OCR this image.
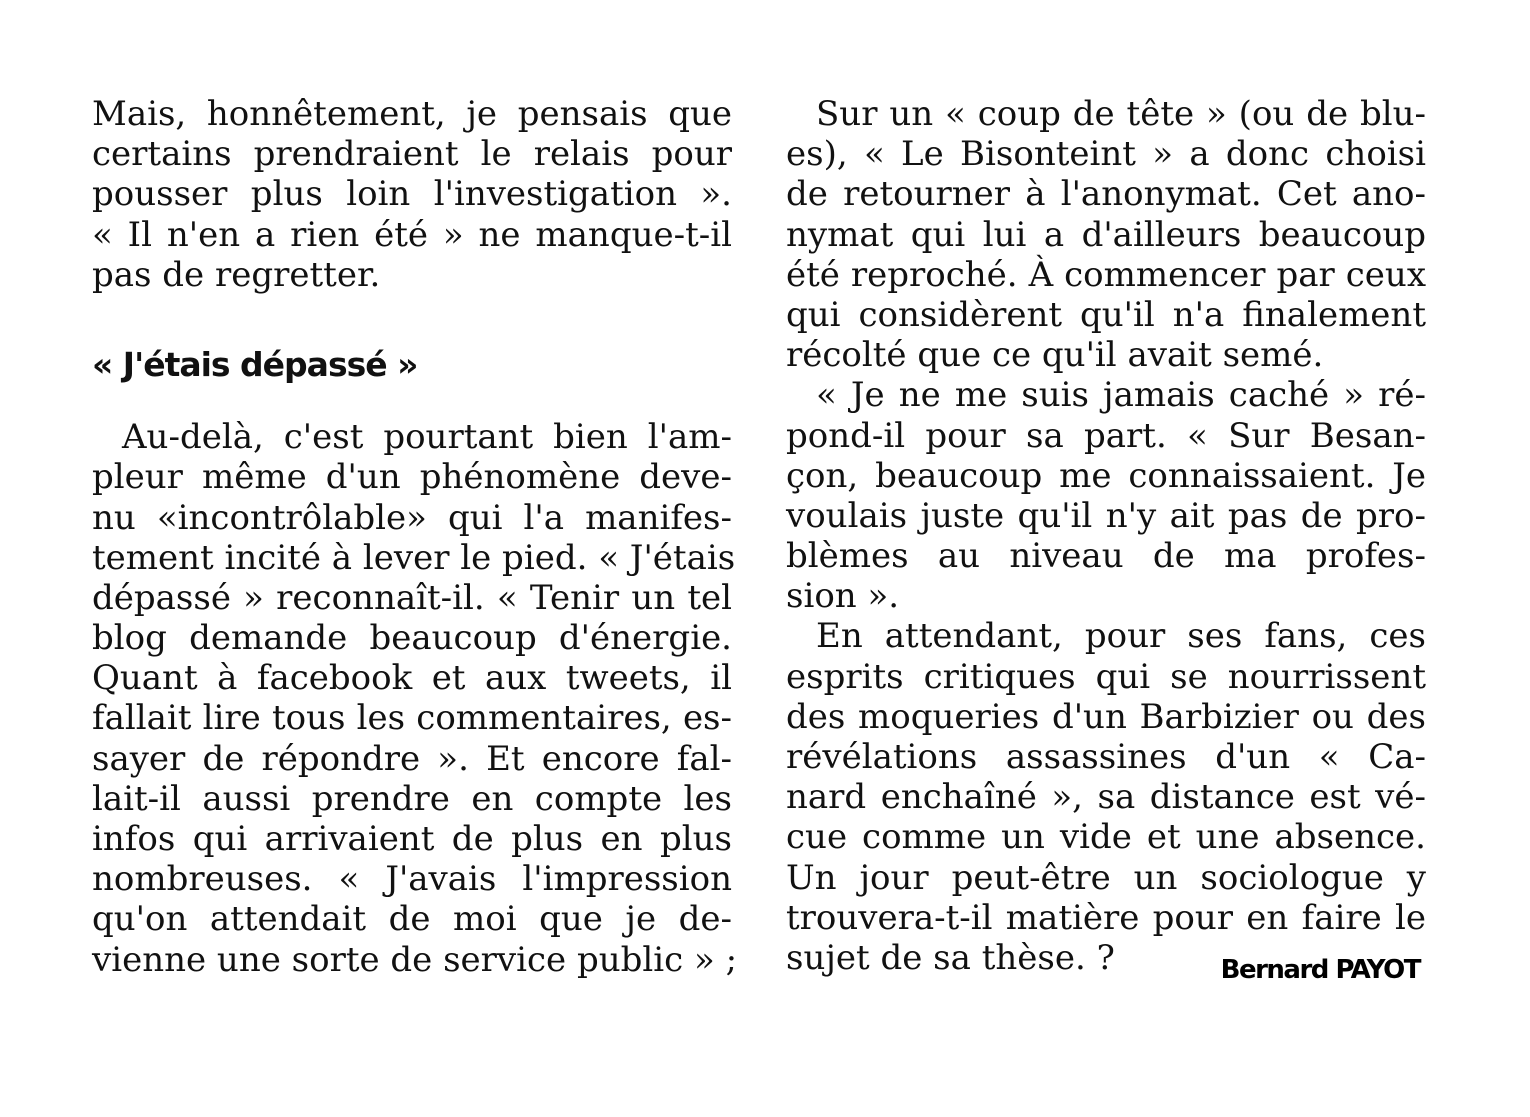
Mais, honnêtement, je pensais que
certains prendraient le relais pour
pousser plus loin l'investigation ».
« Il n'en a rien été » ne manque-t-il
pas de regretter.
« J'étais dépassé »
Au-delà, c'est pourtant bien l'am-
pleur même d'un phénomène deve-
nu «incontrôlable» qui l'a manifes-
tement incité à lever le pied. « J'étais
dépassé » reconnaît-il. « Tenir un tel
blog demande beaucoup d'énergie.
Quant à facebook et aux tweets, il
fallait lire tous les commentaires, es-
sayer de répondre ». Et encore fal-
lait-il aussi prendre en compte les
infos qui arrivaient de plus en plus
nombreuses. « J'avais l'impression
qu'on attendait de moi que je de-
vienne une sorte de service public » ;
Sur un « coup de tête » (ou de blu-
es), « Le Bisonteint » a donc choisi
de retourner à l'anonymat. Cet ano-
nymat qui lui a d'ailleurs beaucoup
été reproché. À commencer par ceux
qui considèrent qu'il n'a finalement
récolté que ce qu'il avait semé.
« Je ne me suis jamais caché » ré-
pond-il pour sa part. « Sur Besan-
çon, beaucoup me connaissaient. Je
voulais juste qu'il n'y ait pas de pro-
blèmes au niveau de ma profes-
sion ».
En attendant, pour ses fans, ces
esprits critiques qui se nourrissent
des moqueries d'un Barbizier ou des
révélations assassines d'un « Ca-
nard enchaîné », sa distance est vé-
cue comme un vide et une absence.
Un jour peut-être un sociologue y
trouvera-t-il matière pour en faire le
sujet de sa thèse. ?	Bernard PAYOT
